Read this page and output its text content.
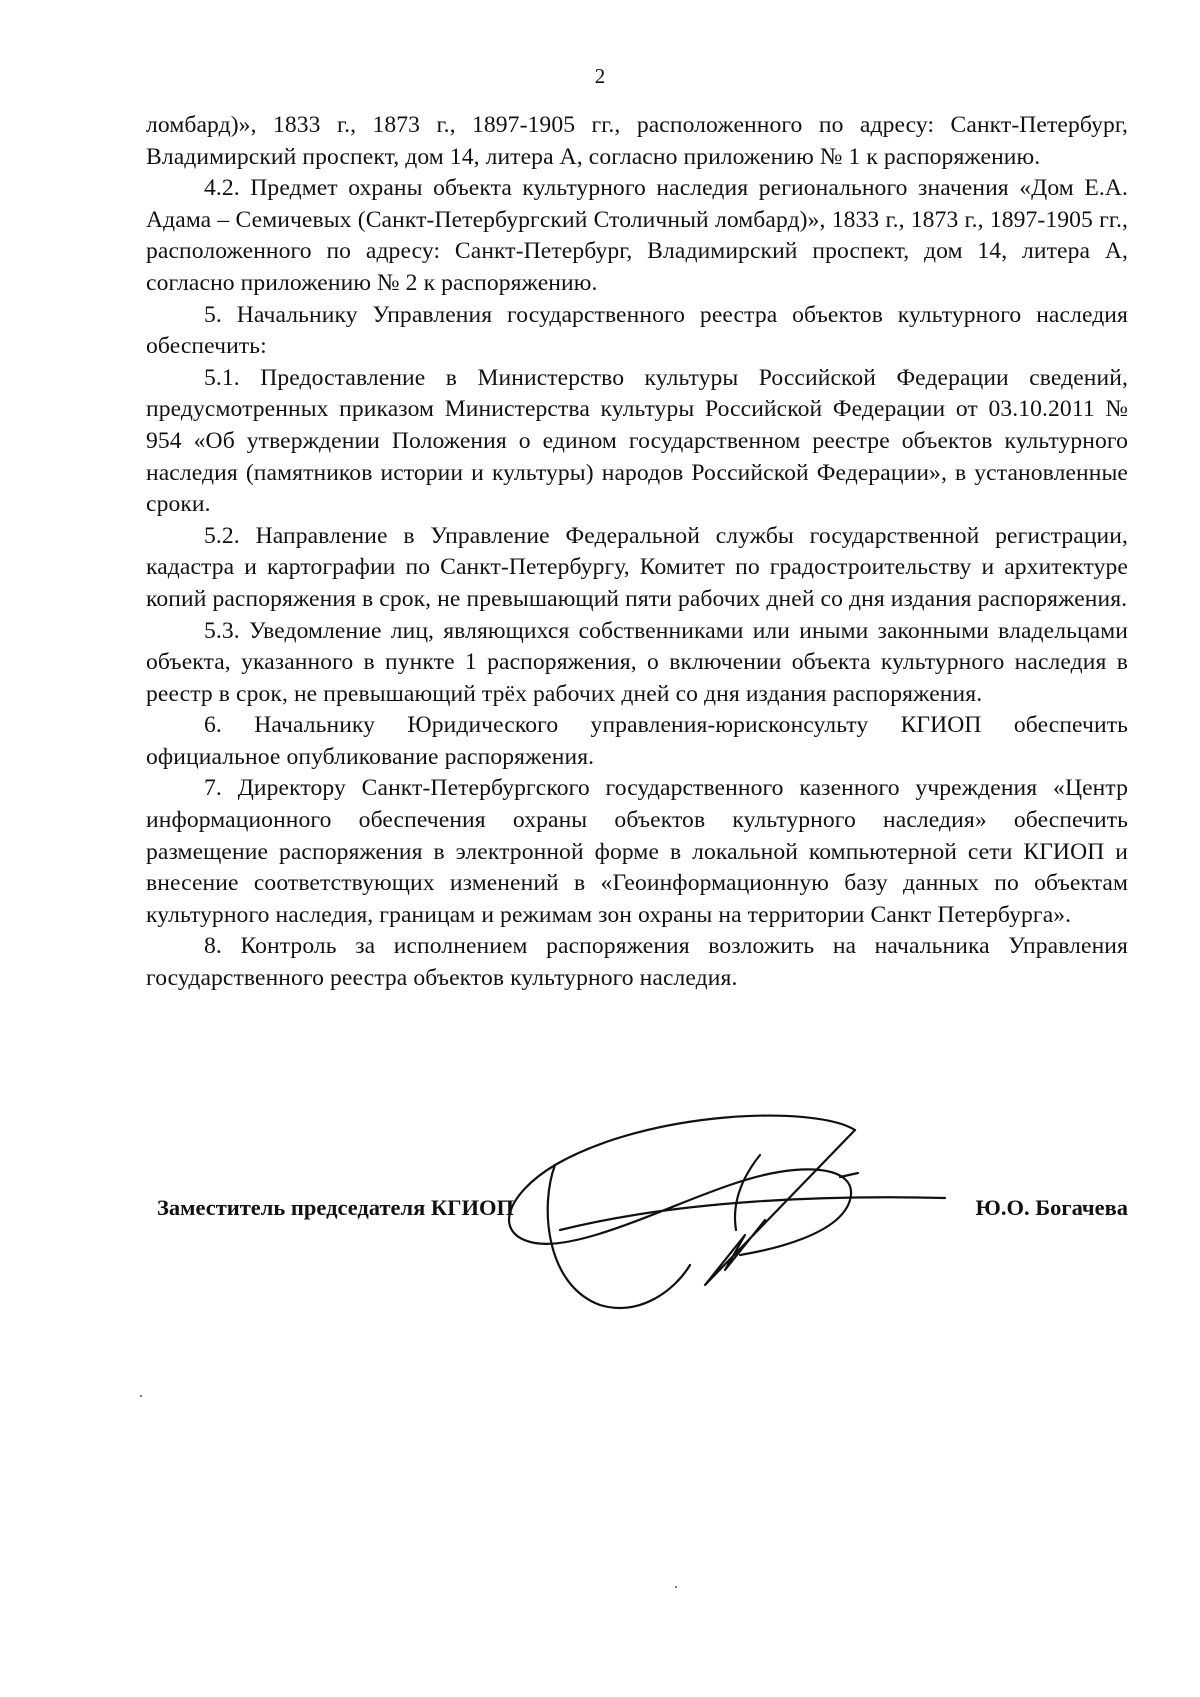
2

ломбард)», 1833 г., 1873 г., 1897-1905 гг., расположенного по адресу: Санкт-Петербург, Владимирский проспект, дом 14, литера А, согласно приложению № 1 к распоряжению.

4.2. Предмет охраны объекта культурного наследия регионального значения «Дом Е.А. Адама – Семичевых (Санкт-Петербургский Столичный ломбард)», 1833 г., 1873 г., 1897-1905 гг., расположенного по адресу: Санкт-Петербург, Владимирский проспект, дом 14, литера А, согласно приложению № 2 к распоряжению.

5. Начальнику Управления государственного реестра объектов культурного наследия обеспечить:

5.1. Предоставление в Министерство культуры Российской Федерации сведений, предусмотренных приказом Министерства культуры Российской Федерации от 03.10.2011 № 954 «Об утверждении Положения о едином государственном реестре объектов культурного наследия (памятников истории и культуры) народов Российской Федерации», в установленные сроки.

5.2. Направление в Управление Федеральной службы государственной регистрации, кадастра и картографии по Санкт-Петербургу, Комитет по градостроительству и архитектуре копий распоряжения в срок, не превышающий пяти рабочих дней со дня издания распоряжения.

5.3. Уведомление лиц, являющихся собственниками или иными законными владельцами объекта, указанного в пункте 1 распоряжения, о включении объекта культурного наследия в реестр в срок, не превышающий трёх рабочих дней со дня издания распоряжения.

6. Начальнику Юридического управления-юрисконсульту КГИОП обеспечить официальное опубликование распоряжения.

7. Директору Санкт-Петербургского государственного казенного учреждения «Центр информационного обеспечения охраны объектов культурного наследия» обеспечить размещение распоряжения в электронной форме в локальной компьютерной сети КГИОП и внесение соответствующих изменений в «Геоинформационную базу данных по объектам культурного наследия, границам и режимам зон охраны на территории Санкт Петербурга».

8. Контроль за исполнением распоряжения возложить на начальника Управления государственного реестра объектов культурного наследия.

Заместитель председателя КГИОП	Ю.О. Богачева
